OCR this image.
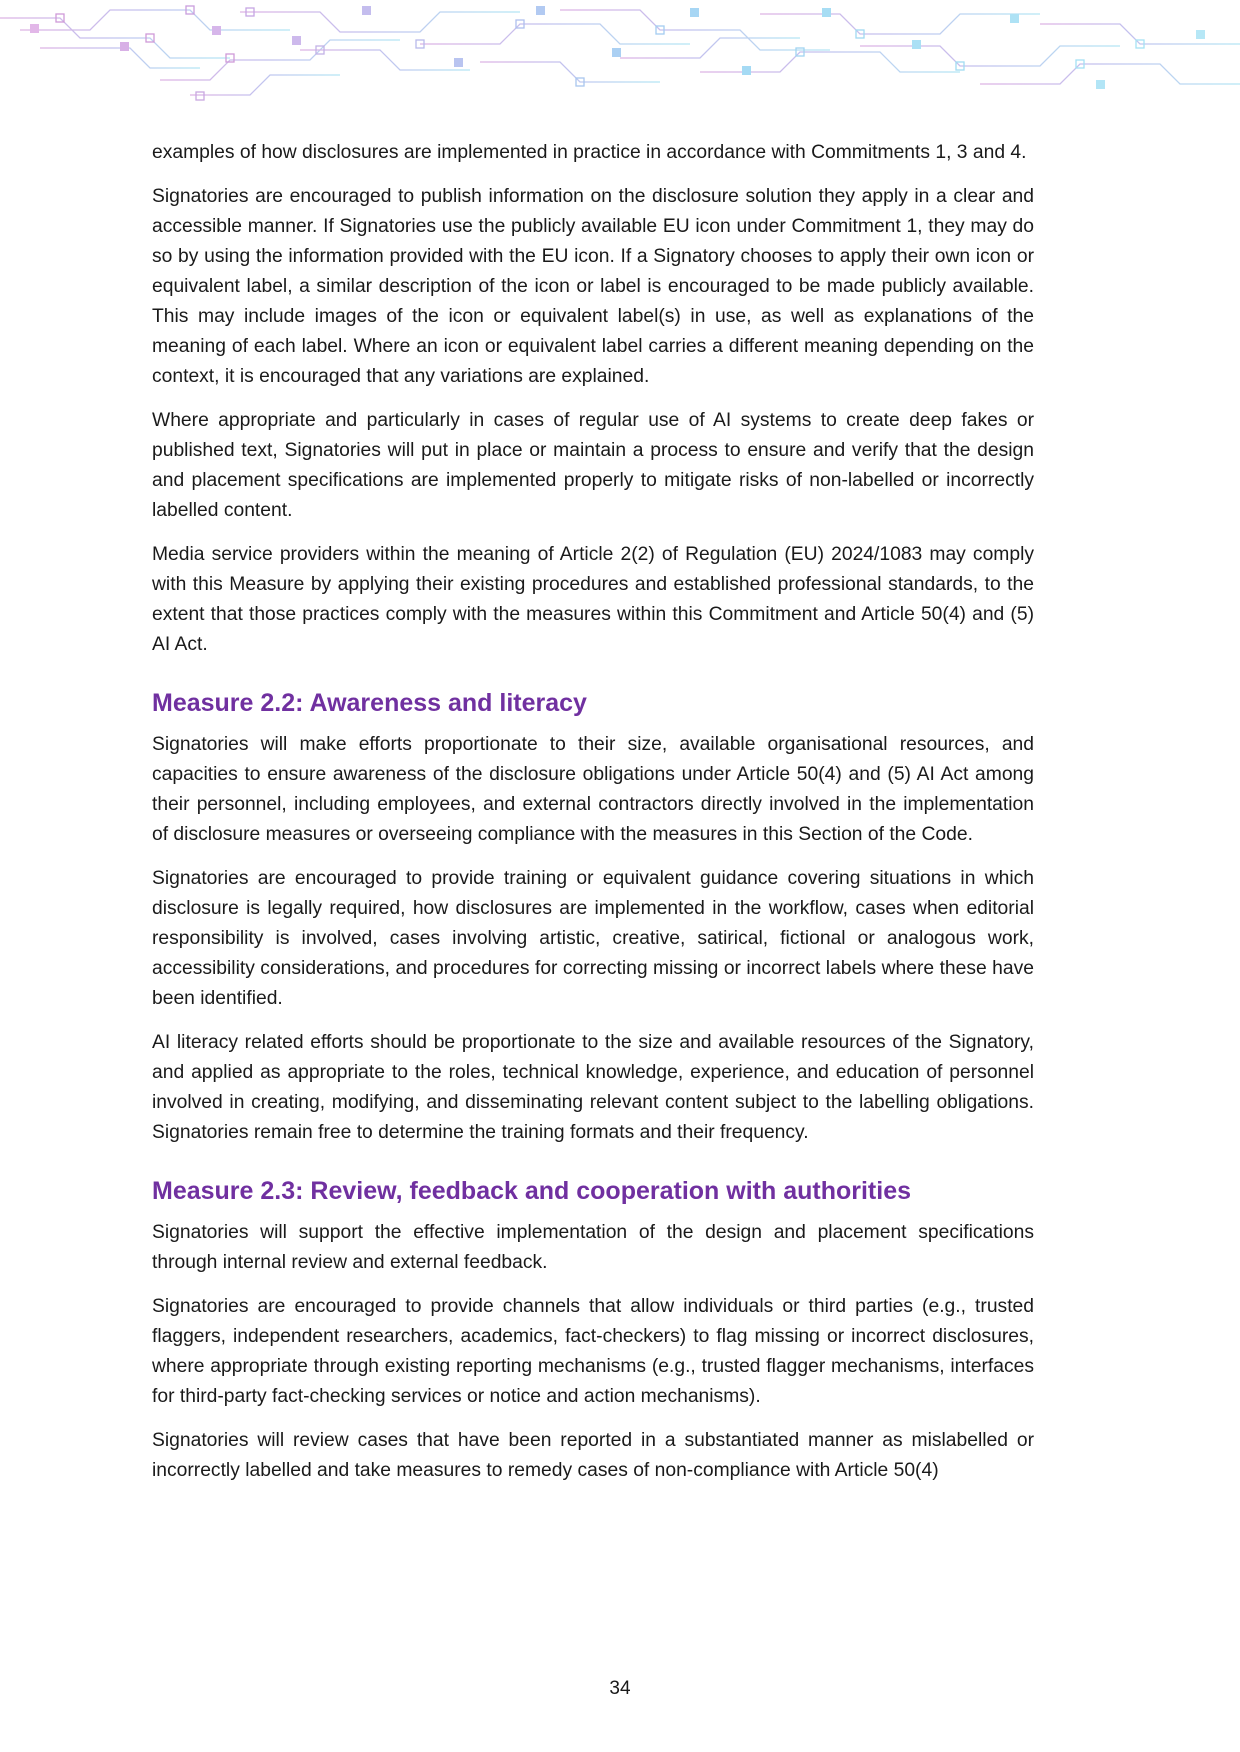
examples of how disclosures are implemented in practice in accordance with Commitments 1, 3 and 4.

Signatories are encouraged to publish information on the disclosure solution they apply in a clear and accessible manner. If Signatories use the publicly available EU icon under Commitment 1, they may do so by using the information provided with the EU icon. If a Signatory chooses to apply their own icon or equivalent label, a similar description of the icon or label is encouraged to be made publicly available. This may include images of the icon or equivalent label(s) in use, as well as explanations of the meaning of each label. Where an icon or equivalent label carries a different meaning depending on the context, it is encouraged that any variations are explained.

Where appropriate and particularly in cases of regular use of AI systems to create deep fakes or published text, Signatories will put in place or maintain a process to ensure and verify that the design and placement specifications are implemented properly to mitigate risks of non-labelled or incorrectly labelled content.

Media service providers within the meaning of Article 2(2) of Regulation (EU) 2024/1083 may comply with this Measure by applying their existing procedures and established professional standards, to the extent that those practices comply with the measures within this Commitment and Article 50(4) and (5) AI Act.

Measure 2.2: Awareness and literacy

Signatories will make efforts proportionate to their size, available organisational resources, and capacities to ensure awareness of the disclosure obligations under Article 50(4) and (5) AI Act among their personnel, including employees, and external contractors directly involved in the implementation of disclosure measures or overseeing compliance with the measures in this Section of the Code.

Signatories are encouraged to provide training or equivalent guidance covering situations in which disclosure is legally required, how disclosures are implemented in the workflow, cases when editorial responsibility is involved, cases involving artistic, creative, satirical, fictional or analogous work, accessibility considerations, and procedures for correcting missing or incorrect labels where these have been identified.

AI literacy related efforts should be proportionate to the size and available resources of the Signatory, and applied as appropriate to the roles, technical knowledge, experience, and education of personnel involved in creating, modifying, and disseminating relevant content subject to the labelling obligations. Signatories remain free to determine the training formats and their frequency.

Measure 2.3: Review, feedback and cooperation with authorities

Signatories will support the effective implementation of the design and placement specifications through internal review and external feedback.

Signatories are encouraged to provide channels that allow individuals or third parties (e.g., trusted flaggers, independent researchers, academics, fact-checkers) to flag missing or incorrect disclosures, where appropriate through existing reporting mechanisms (e.g., trusted flagger mechanisms, interfaces for third-party fact-checking services or notice and action mechanisms).

Signatories will review cases that have been reported in a substantiated manner as mislabelled or incorrectly labelled and take measures to remedy cases of non-compliance with Article 50(4)

34
